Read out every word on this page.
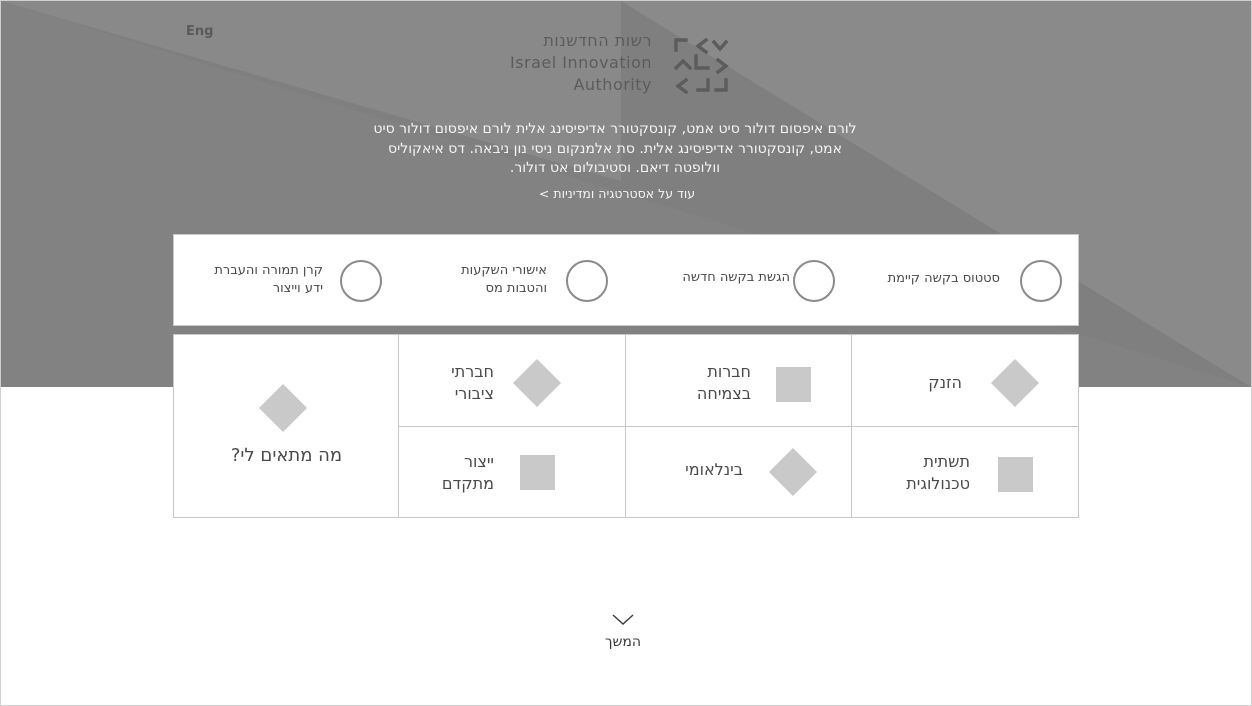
Eng	רשות החדשנות
Israel Innovation
Authority
לורם איפסום דולור סיט אמט, קונסקטורר אדיפיסינג אלית לורם איפסום דולור סיט
אמט, קונסקטורר אדיפיסינג אלית. סת אלמנקום ניסי נון ניבאה. דס איאקוליס
וולופטה דיאם. וסטיבולום אט דולור.
עוד על אסטרטגיה ומדיניות >
סטטוס בקשה קיימת
הגשת בקשה חדשה
אישורי השקעות
והטבות מס
קרן תמורה והעברת
ידע וייצור
מה מתאים לי?
חברתי
ציבורי
חברות
בצמיחה
הזנק
ייצור
מתקדם
בינלאומי	תשתית
טכנולוגית
המשך
